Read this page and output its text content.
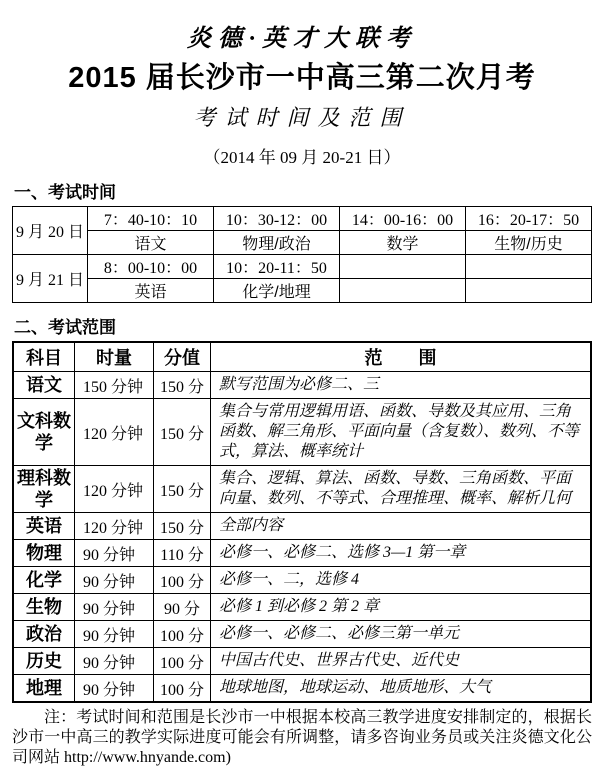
炎德·英才大联考
2015 届长沙市一中高三第二次月考
考试时间及范围
（2014 年 09 月 20-21 日）
一、考试时间
9 月 20 日	7：40-10：10	10：30-12：00	14：00-16：00	16：20-17：50
	语文	物理/政治	数学	生物/历史
9 月 21 日	8：00-10：00	10：20-11：50		
	英语	化学/地理		
二、考试范围
科目	时量	分值	范　　围
语文	150 分钟	150 分	默写范围为必修二、三
文科数学	120 分钟	150 分	集合与常用逻辑用语、函数、导数及其应用、三角函数、解三角形、平面向量（含复数）、数列、不等式，算法、概率统计
理科数学	120 分钟	150 分	集合、逻辑、算法、函数、导数、三角函数、平面向量、数列、不等式、合理推理、概率、解析几何
英语	120 分钟	150 分	全部内容
物理	90 分钟	110 分	必修一、必修二、选修 3—1 第一章
化学	90 分钟	100 分	必修一、二，选修 4
生物	90 分钟	90 分	必修 1 到必修 2 第 2 章
政治	90 分钟	100 分	必修一、必修二、必修三第一单元
历史	90 分钟	100 分	中国古代史、世界古代史、近代史
地理	90 分钟	100 分	地球地图，地球运动、地质地形、大气
注：考试时间和范围是长沙市一中根据本校高三教学进度安排制定的，根据长沙市一中高三的教学实际进度可能会有所调整，请多咨询业务员或关注炎德文化公司网站 http://www.hnyande.com)
